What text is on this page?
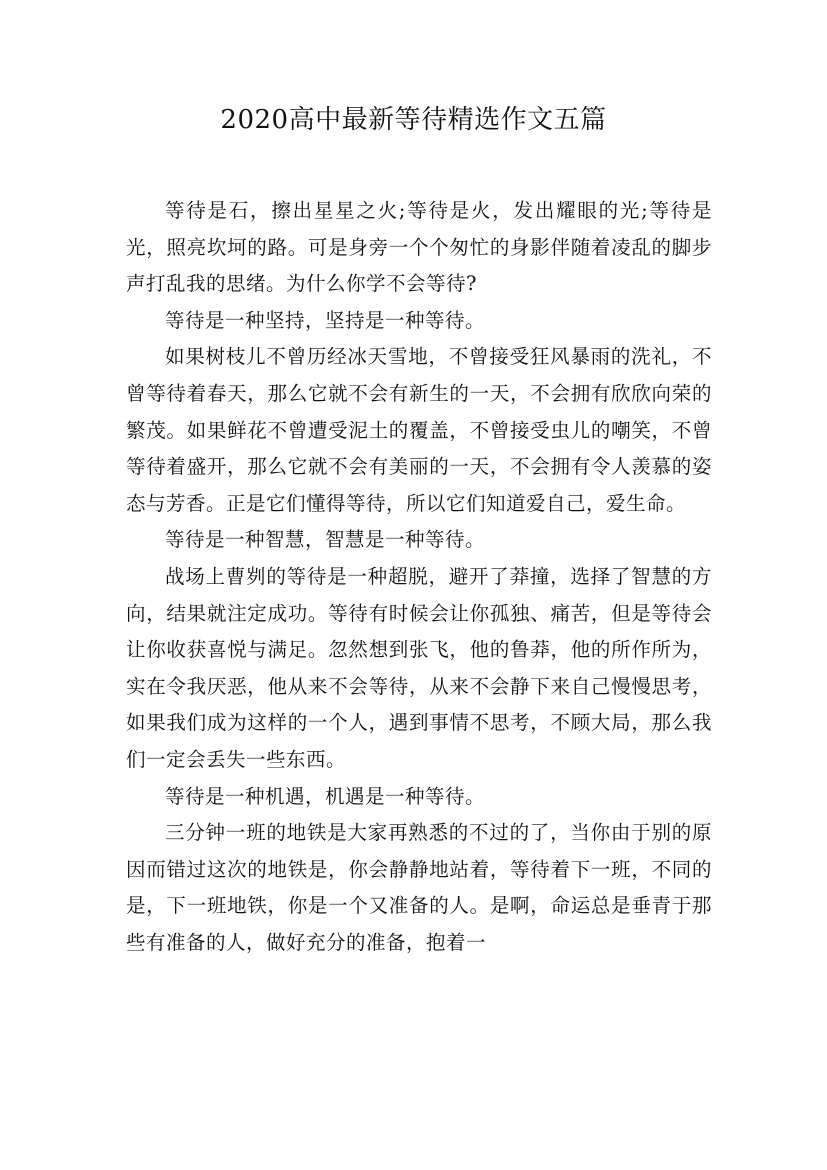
2020高中最新等待精选作文五篇

等待是石，擦出星星之火;等待是火，发出耀眼的光;等待是光，照亮坎坷的路。可是身旁一个个匆忙的身影伴随着凌乱的脚步声打乱我的思绪。为什么你学不会等待?

等待是一种坚持，坚持是一种等待。

如果树枝儿不曾历经冰天雪地，不曾接受狂风暴雨的洗礼，不曾等待着春天，那么它就不会有新生的一天，不会拥有欣欣向荣的繁茂。如果鲜花不曾遭受泥土的覆盖，不曾接受虫儿的嘲笑，不曾等待着盛开，那么它就不会有美丽的一天，不会拥有令人羡慕的姿态与芳香。正是它们懂得等待，所以它们知道爱自己，爱生命。

等待是一种智慧，智慧是一种等待。

战场上曹刿的等待是一种超脱，避开了莽撞，选择了智慧的方向，结果就注定成功。等待有时候会让你孤独、痛苦，但是等待会让你收获喜悦与满足。忽然想到张飞，他的鲁莽，他的所作所为，实在令我厌恶，他从来不会等待，从来不会静下来自己慢慢思考，如果我们成为这样的一个人，遇到事情不思考，不顾大局，那么我们一定会丢失一些东西。

等待是一种机遇，机遇是一种等待。

三分钟一班的地铁是大家再熟悉的不过的了，当你由于别的原因而错过这次的地铁是，你会静静地站着，等待着下一班，不同的是，下一班地铁，你是一个又准备的人。是啊，命运总是垂青于那些有准备的人，做好充分的准备，抱着一
